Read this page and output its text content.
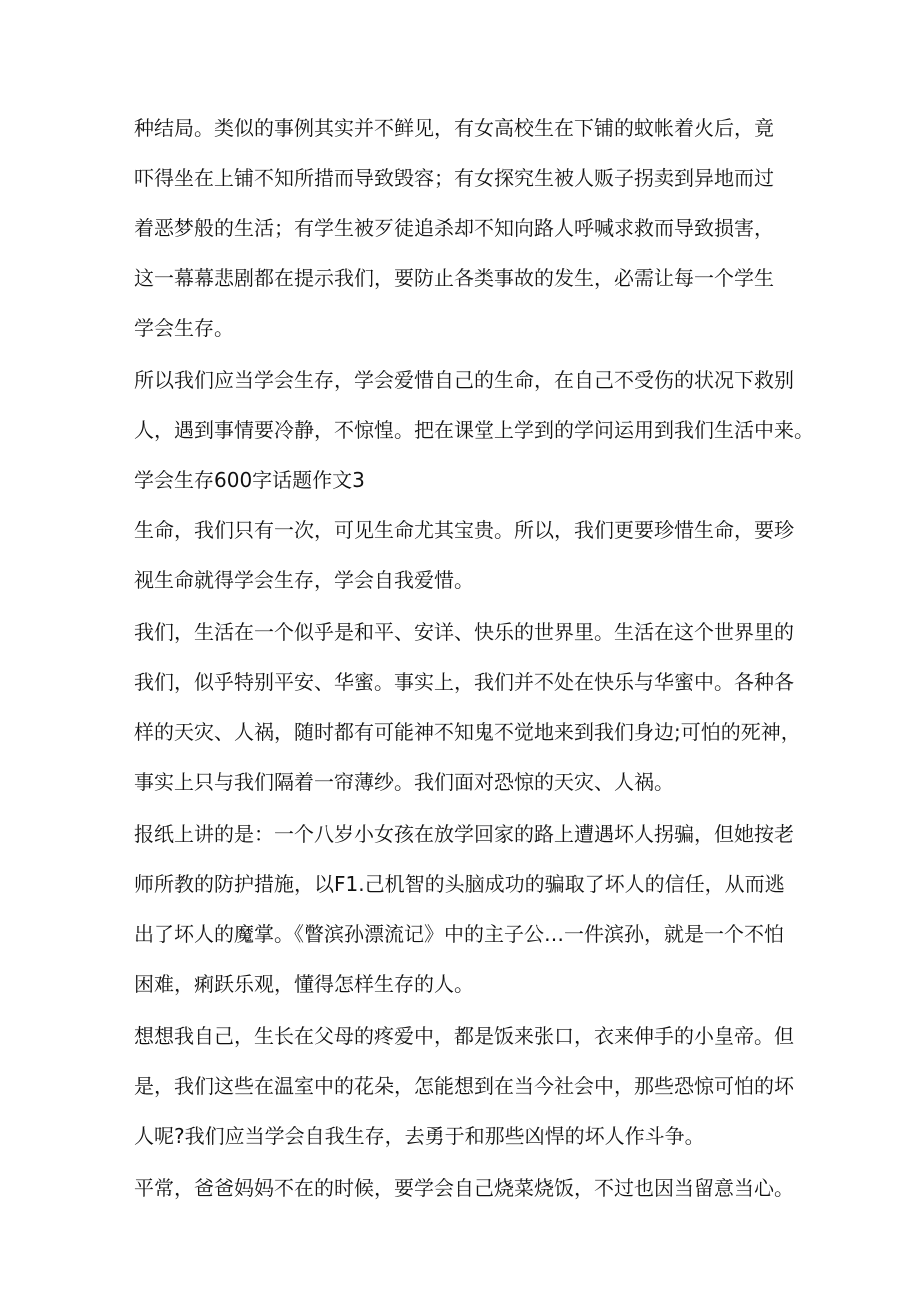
种结局。类似的事例其实并不鲜见，有女高校生在下铺的蚊帐着火后，竟
吓得坐在上铺不知所措而导致毁容；有女探究生被人贩子拐卖到异地而过
着恶梦般的生活；有学生被歹徒追杀却不知向路人呼喊求救而导致损害，
这一幕幕悲剧都在提示我们，要防止各类事故的发生，必需让每一个学生
学会生存。
所以我们应当学会生存，学会爱惜自己的生命，在自己不受伤的状况下救别
人，遇到事情要冷静，不惊惶。把在课堂上学到的学问运用到我们生活中来。
学会生存600字话题作文3
生命，我们只有一次，可见生命尤其宝贵。所以，我们更要珍惜生命，要珍
视生命就得学会生存，学会自我爱惜。
我们，生活在一个似乎是和平、安详、快乐的世界里。生活在这个世界里的
我们，似乎特别平安、华蜜。事实上，我们并不处在快乐与华蜜中。各种各
样的天灾、人祸，随时都有可能神不知鬼不觉地来到我们身边;可怕的死神，
事实上只与我们隔着一帘薄纱。我们面对恐惊的天灾、人祸。
报纸上讲的是：一个八岁小女孩在放学回家的路上遭遇坏人拐骗，但她按老
师所教的防护措施，以F1.己机智的头脑成功的骗取了坏人的信任，从而逃
出了坏人的魔掌。《瞥滨孙漂流记》中的主子公…一件滨孙，就是一个不怕
困难，痢跃乐观，懂得怎样生存的人。
想想我自己，生长在父母的疼爱中，都是饭来张口，衣来伸手的小皇帝。但
是，我们这些在温室中的花朵，怎能想到在当今社会中，那些恐惊可怕的坏
人呢?我们应当学会自我生存，去勇于和那些凶悍的坏人作斗争。
平常，爸爸妈妈不在的时候，要学会自己烧菜烧饭，不过也因当留意当心。
